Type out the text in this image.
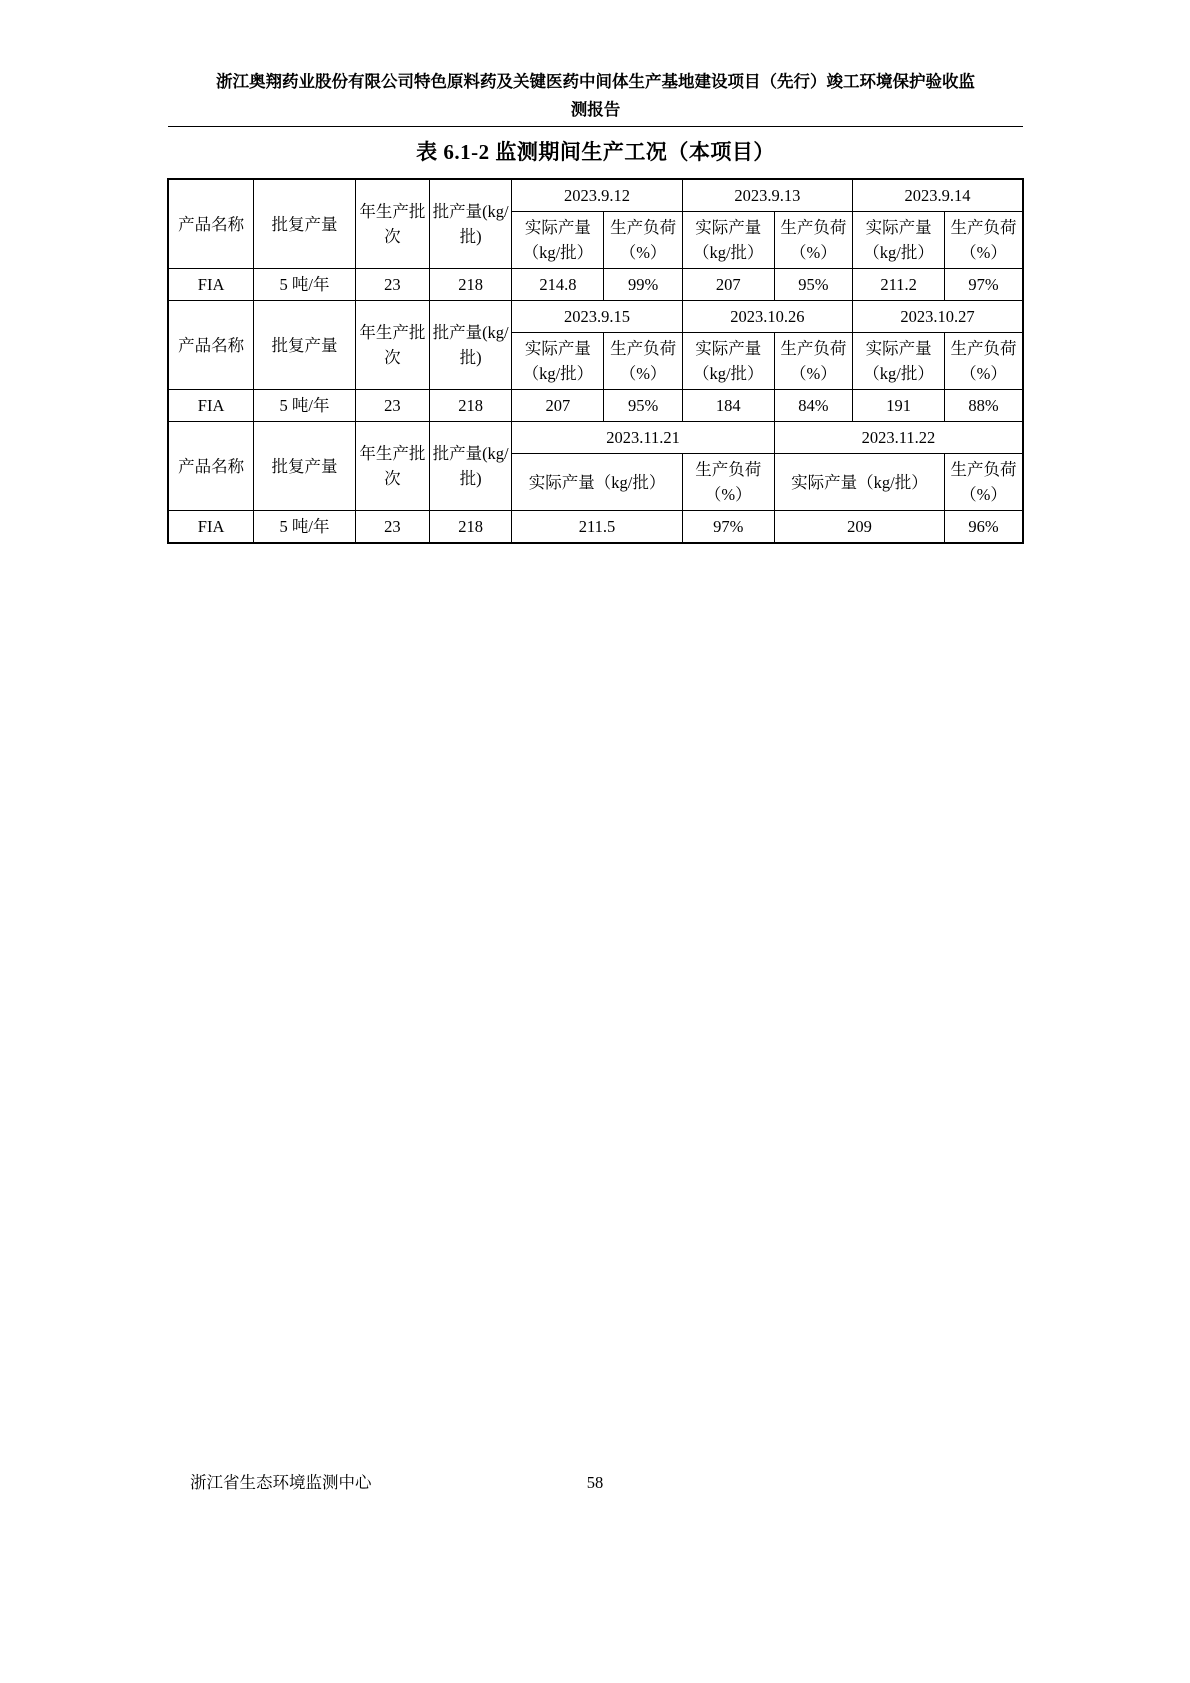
浙江奥翔药业股份有限公司特色原料药及关键医药中间体生产基地建设项目（先行）竣工环境保护验收监
测报告
表 6.1-2 监测期间生产工况（本项目）
产品名称	批复产量	年生产批次	批产量(kg/批)	2023.9.12		2023.9.13		2023.9.14	
				实际产量（kg/批）	生产负荷（%）	实际产量（kg/批）	生产负荷（%）	实际产量（kg/批）	生产负荷（%）
FIA	5 吨/年	23	218	214.8	99%	207	95%	211.2	97%
产品名称	批复产量	年生产批次	批产量(kg/批)	2023.9.15		2023.10.26		2023.10.27	
				实际产量（kg/批）	生产负荷（%）	实际产量（kg/批）	生产负荷（%）	实际产量（kg/批）	生产负荷（%）
FIA	5 吨/年	23	218	207	95%	184	84%	191	88%
产品名称	批复产量	年生产批次	批产量(kg/批)	2023.11.21			2023.11.22		
				实际产量（kg/批）		生产负荷（%）	实际产量（kg/批）		生产负荷（%）
FIA	5 吨/年	23	218	211.5		97%	209		96%
浙江省生态环境监测中心	58
